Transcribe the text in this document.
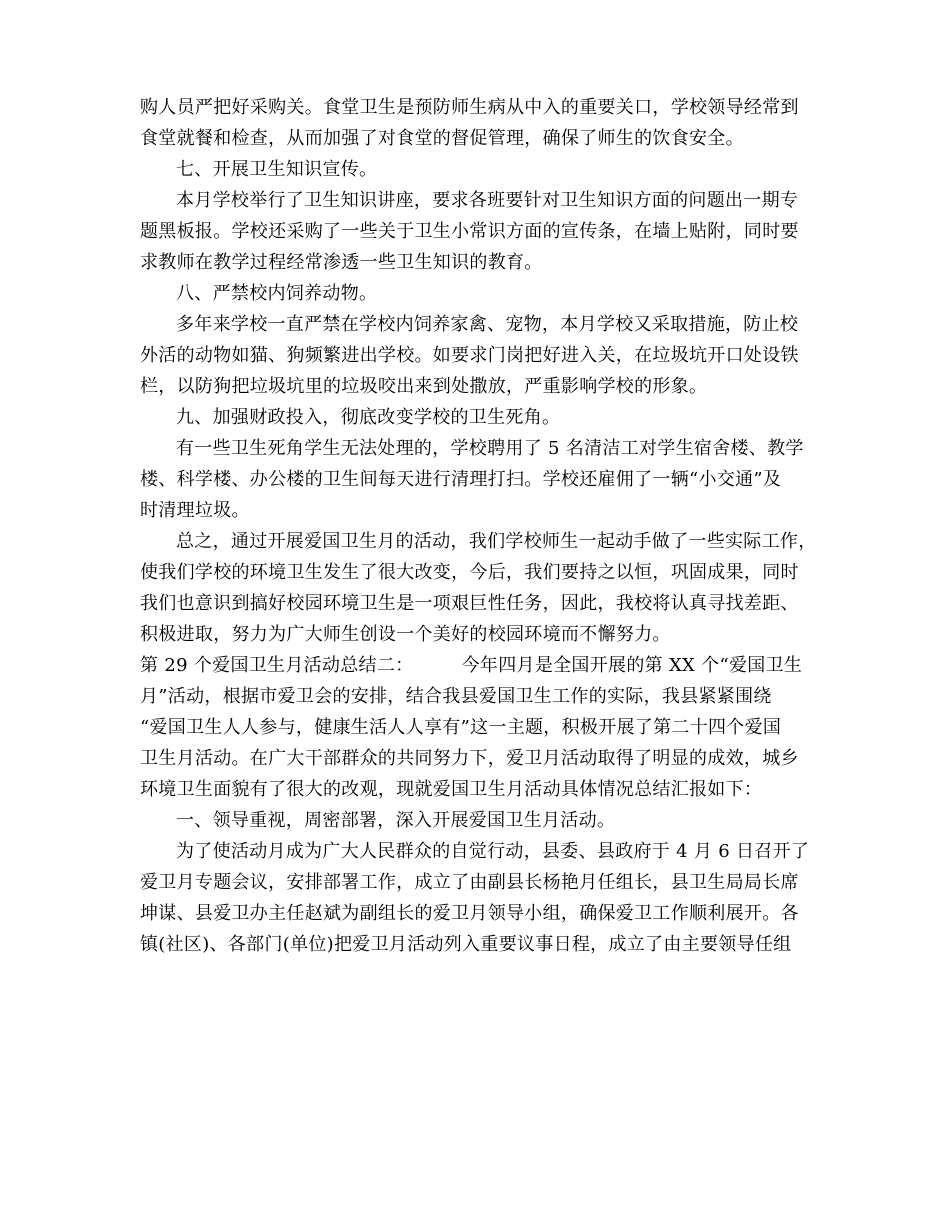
购人员严把好采购关。食堂卫生是预防师生病从中入的重要关口，学校领导经常到
食堂就餐和检查，从而加强了对食堂的督促管理，确保了师生的饮食安全。
七、开展卫生知识宣传。
本月学校举行了卫生知识讲座，要求各班要针对卫生知识方面的问题出一期专
题黑板报。学校还采购了一些关于卫生小常识方面的宣传条，在墙上贴附，同时要
求教师在教学过程经常渗透一些卫生知识的教育。
八、严禁校内饲养动物。
多年来学校一直严禁在学校内饲养家禽、宠物，本月学校又采取措施，防止校
外活的动物如猫、狗频繁进出学校。如要求门岗把好进入关，在垃圾坑开口处设铁
栏，以防狗把垃圾坑里的垃圾咬出来到处撒放，严重影响学校的形象。
九、加强财政投入，彻底改变学校的卫生死角。
有一些卫生死角学生无法处理的，学校聘用了 5 名清洁工对学生宿舍楼、教学
楼、科学楼、办公楼的卫生间每天进行清理打扫。学校还雇佣了一辆“小交通”及
时清理垃圾。
总之，通过开展爱国卫生月的活动，我们学校师生一起动手做了一些实际工作，
使我们学校的环境卫生发生了很大改变，今后，我们要持之以恒，巩固成果，同时
我们也意识到搞好校园环境卫生是一项艰巨性任务，因此，我校将认真寻找差距、
积极进取，努力为广大师生创设一个美好的校园环境而不懈努力。
第 29 个爱国卫生月活动总结二：        今年四月是全国开展的第 XX 个“爱国卫生
月”活动，根据市爱卫会的安排，结合我县爱国卫生工作的实际，我县紧紧围绕
“爱国卫生人人参与，健康生活人人享有”这一主题，积极开展了第二十四个爱国
卫生月活动。在广大干部群众的共同努力下，爱卫月活动取得了明显的成效，城乡
环境卫生面貌有了很大的改观，现就爱国卫生月活动具体情况总结汇报如下：
一、领导重视，周密部署，深入开展爱国卫生月活动。
为了使活动月成为广大人民群众的自觉行动，县委、县政府于 4 月 6 日召开了
爱卫月专题会议，安排部署工作，成立了由副县长杨艳月任组长，县卫生局局长席
坤谋、县爱卫办主任赵斌为副组长的爱卫月领导小组，确保爱卫工作顺利展开。各
镇(社区)、各部门(单位)把爱卫月活动列入重要议事日程，成立了由主要领导任组
